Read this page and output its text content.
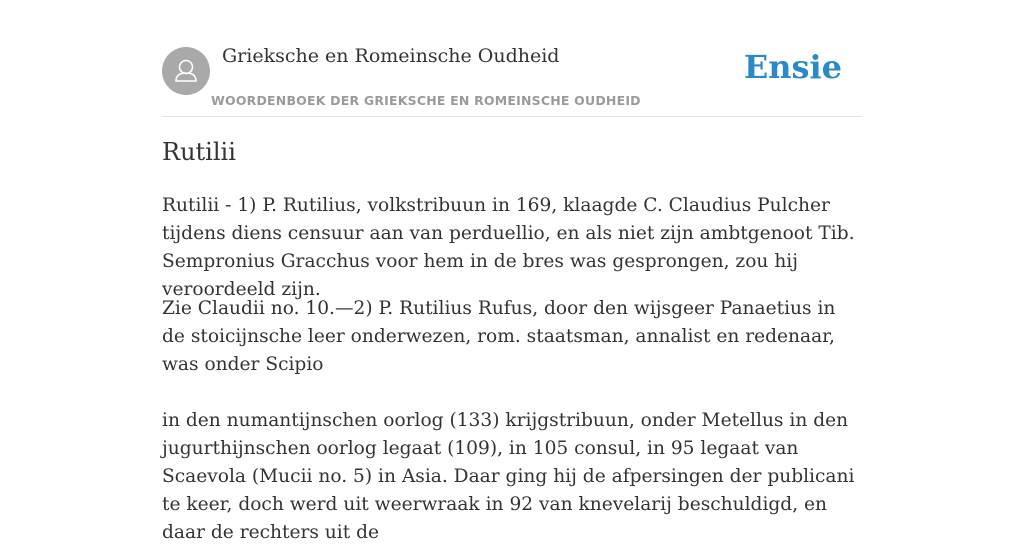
Grieksche en Romeinsche Oudheid
WOORDENBOEK DER GRIEKSCHE EN ROMEINSCHE OUDHEID
Ensie
Rutilii

Rutilii - 1) P. Rutilius, volkstribuun in 169, klaagde C. Claudius Pulcher tijdens diens censuur aan van perduellio, en als niet zijn ambtgenoot Tib. Sempronius Gracchus voor hem in de bres was gesprongen, zou hij veroordeeld zijn.

Zie Claudii no. 10.—2) P. Rutilius Rufus, door den wijsgeer Panaetius in de stoicijnsche leer onderwezen, rom. staatsman, annalist en redenaar, was onder Scipio

in den numantijnschen oorlog (133) krijgstribuun, onder Metellus in den jugurthijnschen oorlog legaat (109), in 105 consul, in 95 legaat van Scaevola (Mucii no. 5) in Asia. Daar ging hij de afpersingen der publicani te keer, doch werd uit weerwraak in 92 van knevelarij beschuldigd, en daar de rechters uit de
